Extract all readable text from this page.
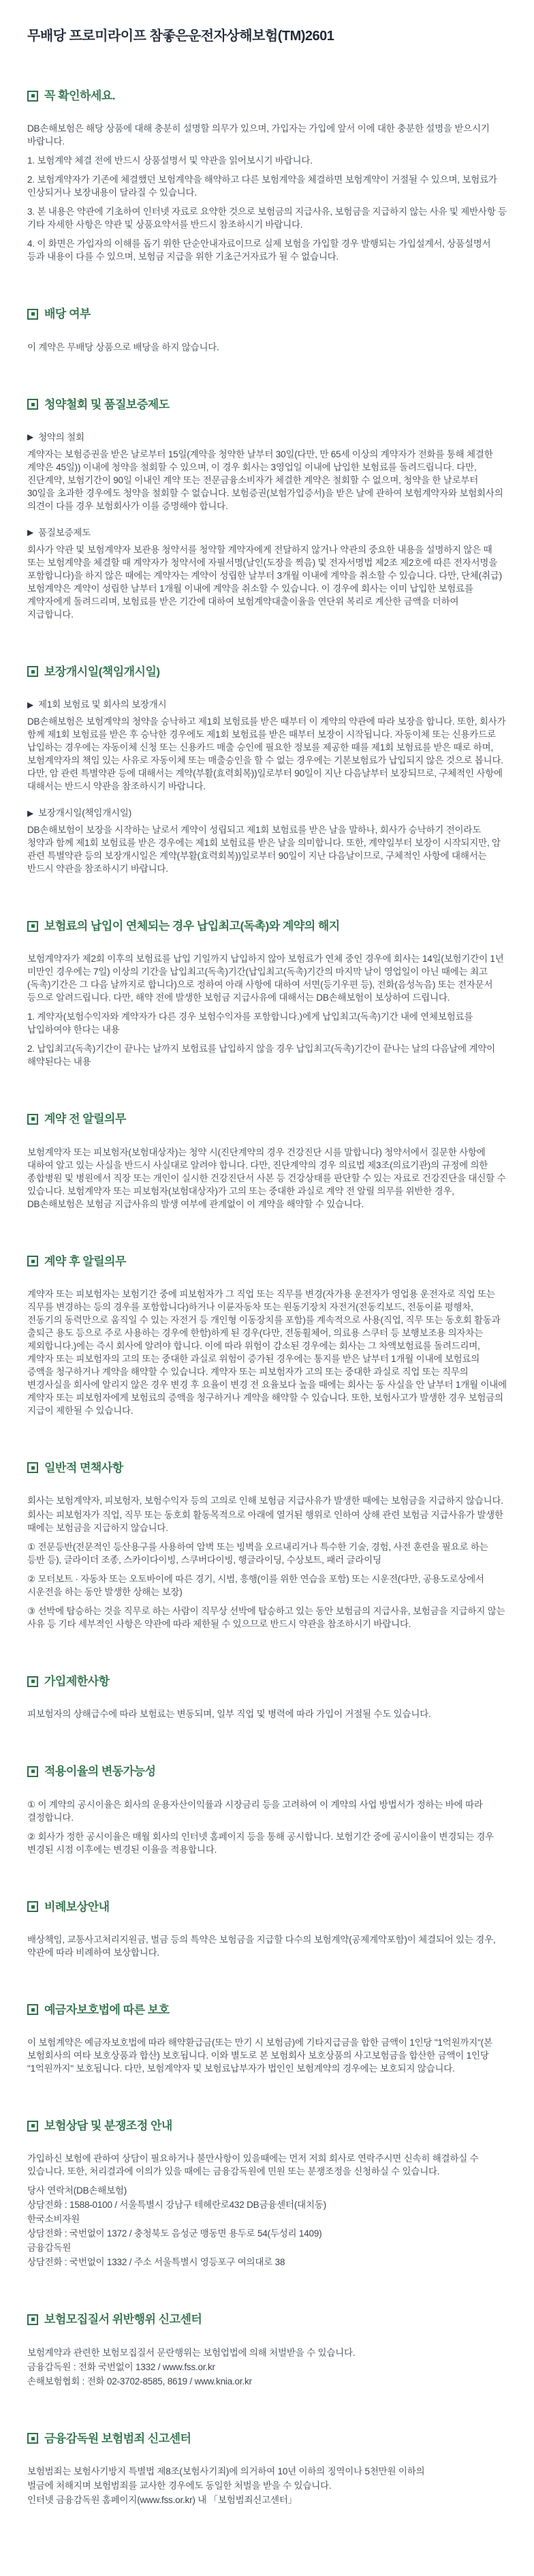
무배당 프로미라이프 참좋은운전자상해보험(TM)2601
꼭 확인하세요.

DB손해보험은 해당 상품에 대해 충분히 설명할 의무가 있으며, 가입자는 가입에 앞서 이에 대한 충분한 설명을 받으시기 바랍니다.

1. 보험계약 체결 전에 반드시 상품설명서 및 약관을 읽어보시기 바랍니다.

2. 보험계약자가 기존에 체결했던 보험계약을 해약하고 다른 보험계약을 체결하면 보험계약이 거절될 수 있으며, 보험료가 인상되거나 보장내용이 달라질 수 있습니다.

3. 본 내용은 약관에 기초하여 인터넷 자료로 요약한 것으로 보험금의 지급사유, 보험금을 지급하지 않는 사유 및 제반사항 등 기타 자세한 사항은 약관 및 상품요약서를 반드시 참조하시기 바랍니다.

4. 이 화면은 가입자의 이해를 돕기 위한 단순안내자료이므로 실제 보험을 가입할 경우 발행되는 가입설계서, 상품설명서 등과 내용이 다를 수 있으며, 보험금 지급을 위한 기초근거자료가 될 수 없습니다.

배당 여부

이 계약은 무배당 상품으로 배당을 하지 않습니다.

청약철회 및 품질보증제도
▶ 청약의 철회

계약자는 보험증권을 받은 날로부터 15일(계약을 청약한 날부터 30일(다만, 만 65세 이상의 계약자가 전화를 통해 체결한 계약은 45일)) 이내에 청약을 철회할 수 있으며, 이 경우 회사는 3영업일 이내에 납입한 보험료를 돌려드립니다. 다만, 진단계약, 보험기간이 90일 이내인 계약 또는 전문금융소비자가 체결한 계약은 철회할 수 없으며, 청약을 한 날로부터 30일을 초과한 경우에도 청약을 철회할 수 없습니다. 보험증권(보험가입증서)을 받은 날에 관하여 보험계약자와 보험회사의 의견이 다를 경우 보험회사가 이를 증명해야 합니다.

▶ 품질보증제도

회사가 약관 및 보험계약자 보관용 청약서를 청약할 계약자에게 전달하지 않거나 약관의 중요한 내용을 설명하지 않은 때 또는 보험계약을 체결할 때 계약자가 청약서에 자필서명(날인(도장을 찍음) 및 전자서명법 제2조 제2호에 따른 전자서명을 포함합니다)을 하지 않은 때에는 계약자는 계약이 성립한 날부터 3개월 이내에 계약을 취소할 수 있습니다. 다만, 단체(취급)보험계약은 계약이 성립한 날부터 1개월 이내에 계약을 취소할 수 있습니다. 이 경우에 회사는 이미 납입한 보험료를 계약자에게 돌려드리며, 보험료를 받은 기간에 대하여 보험계약대출이율을 연단위 복리로 계산한 금액을 더하여 지급합니다.

보장개시일(책임개시일)
▶ 제1회 보험료 및 회사의 보장개시

DB손해보험은 보험계약의 청약을 승낙하고 제1회 보험료를 받은 때부터 이 계약의 약관에 따라 보장을 합니다. 또한, 회사가 함께 제1회 보험료를 받은 후 승낙한 경우에도 제1회 보험료를 받은 때부터 보장이 시작됩니다. 자동이체 또는 신용카드로 납입하는 경우에는 자동이체 신청 또는 신용카드 매출 승인에 필요한 정보를 제공한 때를 제1회 보험료를 받은 때로 하며, 보험계약자의 책임 있는 사유로 자동이체 또는 매출승인을 할 수 없는 경우에는 기본보험료가 납입되지 않은 것으로 봅니다. 다만, 암 관련 특별약관 등에 대해서는 계약(부활(효력회복))일로부터 90일이 지난 다음날부터 보장되므로, 구체적인 사항에 대해서는 반드시 약관을 참조하시기 바랍니다.

▶ 보장개시일(책임개시일)

DB손해보험이 보장을 시작하는 날로서 계약이 성립되고 제1회 보험료를 받은 날을 말하나, 회사가 승낙하기 전이라도 청약과 함께 제1회 보험료를 받은 경우에는 제1회 보험료를 받은 날을 의미합니다. 또한, 계약일부터 보장이 시작되지만, 암 관련 특별약관 등의 보장개시일은 계약(부활(효력회복))일로부터 90일이 지난 다음날이므로, 구체적인 사항에 대해서는 반드시 약관을 참조하시기 바랍니다.

보험료의 납입이 연체되는 경우 납입최고(독촉)와 계약의 해지

보험계약자가 제2회 이후의 보험료를 납입 기일까지 납입하지 않아 보험료가 연체 중인 경우에 회사는 14일(보험기간이 1년 미만인 경우에는 7일) 이상의 기간을 납입최고(독촉)기간(납입최고(독촉)기간의 마지막 날이 영업일이 아닌 때에는 최고(독촉)기간은 그 다음 날까지로 합니다)으로 정하여 아래 사항에 대하여 서면(등기우편 등), 전화(음성녹음) 또는 전자문서 등으로 알려드립니다. 다만, 해약 전에 발생한 보험금 지급사유에 대해서는 DB손해보험이 보상하여 드립니다.

1. 계약자(보험수익자와 계약자가 다른 경우 보험수익자를 포함합니다.)에게 납입최고(독촉)기간 내에 연체보험료를 납입하여야 한다는 내용

2. 납입최고(독촉)기간이 끝나는 날까지 보험료를 납입하지 않을 경우 납입최고(독촉)기간이 끝나는 날의 다음날에 계약이 해약된다는 내용

계약 전 알릴의무

보험계약자 또는 피보험자(보험대상자)는 청약 시(진단계약의 경우 건강진단 시를 말합니다) 청약서에서 질문한 사항에 대하여 알고 있는 사실을 반드시 사실대로 알려야 합니다. 다만, 진단계약의 경우 의료법 제3조(의료기관)의 규정에 의한 종합병원 및 병원에서 직장 또는 개인이 실시한 건강진단서 사본 등 건강상태를 판단할 수 있는 자료로 건강진단을 대신할 수 있습니다. 보험계약자 또는 피보험자(보험대상자)가 고의 또는 중대한 과실로 계약 전 알릴 의무를 위반한 경우, DB손해보험은 보험금 지급사유의 발생 여부에 관계없이 이 계약을 해약할 수 있습니다.

계약 후 알릴의무

계약자 또는 피보험자는 보험기간 중에 피보험자가 그 직업 또는 직무를 변경(자가용 운전자가 영업용 운전자로 직업 또는 직무를 변경하는 등의 경우를 포함합니다)하거나 이륜자동차 또는 원동기장치 자전거(전동킥보드, 전동이륜 평행차, 전동기의 동력만으로 움직일 수 있는 자전거 등 개인형 이동장치를 포함)를 계속적으로 사용(직업, 직무 또는 동호회 활동과 출퇴근 용도 등으로 주로 사용하는 경우에 한함)하게 된 경우(다만, 전동휠체어, 의료용 스쿠터 등 보행보조용 의자차는 제외합니다.)에는 즉시 회사에 알려야 합니다. 이에 따라 위험이 감소된 경우에는 회사는 그 차액보험료를 돌려드리며, 계약자 또는 피보험자의 고의 또는 중대한 과실로 위험이 증가된 경우에는 통지를 받은 날부터 1개월 이내에 보험료의 증액을 청구하거나 계약을 해약할 수 있습니다. 계약자 또는 피보험자가 고의 또는 중대한 과실로 직업 또는 직무의 변경사실을 회사에 알리지 않은 경우 변경 후 요율이 변경 전 요율보다 높을 때에는 회사는 동 사실을 안 날부터 1개월 이내에 계약자 또는 피보험자에게 보험료의 증액을 청구하거나 계약을 해약할 수 있습니다. 또한, 보험사고가 발생한 경우 보험금의 지급이 제한될 수 있습니다.

일반적 면책사항

회사는 보험계약자, 피보험자, 보험수익자 등의 고의로 인해 보험금 지급사유가 발생한 때에는 보험금을 지급하지 않습니다.

회사는 피보험자가 직업, 직무 또는 동호회 활동목적으로 아래에 열거된 행위로 인하여 상해 관련 보험금 지급사유가 발생한 때에는 보험금을 지급하지 않습니다.

① 전문등반(전문적인 등산용구를 사용하여 암벽 또는 빙벽을 오르내리거나 특수한 기술, 경험, 사전 훈련을 필요로 하는 등반 등), 글라이더 조종, 스카이다이빙, 스쿠버다이빙, 행글라이딩, 수상보트, 패러 글라이딩

② 모터보트 · 자동차 또는 오토바이에 따른 경기, 시범, 흥행(이를 위한 연습을 포함) 또는 시운전(다만, 공용도로상에서 시운전을 하는 동안 발생한 상해는 보장)

③ 선박에 탑승하는 것을 직무로 하는 사람이 직무상 선박에 탑승하고 있는 동안 보험금의 지급사유, 보험금을 지급하지 않는 사유 등 기타 세부적인 사항은 약관에 따라 제한될 수 있으므로 반드시 약관을 참조하시기 바랍니다.

가입제한사항

피보험자의 상해급수에 따라 보험료는 변동되며, 일부 직업 및 병력에 따라 가입이 거절될 수도 있습니다.

적용이율의 변동가능성

① 이 계약의 공시이율은 회사의 운용자산이익률과 시장금리 등을 고려하여 이 계약의 사업 방법서가 정하는 바에 따라 결정합니다.

② 회사가 정한 공시이율은 매월 회사의 인터넷 홈페이지 등을 통해 공시합니다. 보험기간 중에 공시이율이 변경되는 경우 변경된 시점 이후에는 변경된 이율을 적용합니다.

비례보상안내

배상책임, 교통사고처리지원금, 벌금 등의 특약은 보험금을 지급할 다수의 보험계약(공제계약포함)이 체결되어 있는 경우, 약관에 따라 비례하여 보상합니다.

예금자보호법에 따른 보호

이 보험계약은 예금자보호법에 따라 해약환급금(또는 만기 시 보험금)에 기타지급금을 합한 금액이 1인당 "1억원까지"(본 보험회사의 여타 보호상품과 합산) 보호됩니다. 이와 별도로 본 보험회사 보호상품의 사고보험금을 합산한 금액이 1인당 "1억원까지" 보호됩니다. 다만, 보험계약자 및 보험료납부자가 법인인 보험계약의 경우에는 보호되지 않습니다.

보험상담 및 분쟁조정 안내

가입하신 보험에 관하여 상담이 필요하거나 불만사항이 있을때에는 먼저 저희 회사로 연락주시면 신속히 해결하실 수 있습니다. 또한, 처리결과에 이의가 있을 때에는 금융감독원에 민원 또는 분쟁조정을 신청하실 수 있습니다.

당사 연락처(DB손해보험)

상담전화 : 1588-0100 / 서울특별시 강남구 테헤란로432 DB금융센터(대치동)

한국소비자원

상담전화 : 국번없이 1372 / 충청북도 음성군 맹동면 용두로 54(두성리 1409)

금융감독원

상담전화 : 국번없이 1332 / 주소 서울특별시 영등포구 여의대로 38

보험모집질서 위반행위 신고센터

보험계약과 관련한 보험모집질서 문란행위는 보험업법에 의해 처벌받을 수 있습니다.

금융감독원 : 전화 국번없이 1332 / www.fss.or.kr

손해보험협회 : 전화 02-3702-8585, 8619 / www.knia.or.kr

금융감독원 보험범죄 신고센터

보험범죄는 보험사기방지 특별법 제8조(보험사기죄)에 의거하여 10년 이하의 징역이나 5천만원 이하의

벌금에 처해지며 보험범죄를 교사한 경우에도 동일한 처벌을 받을 수 있습니다.

인터넷 금융감독원 홈페이지(www.fss.or.kr) 내 「보험범죄신고센터」
